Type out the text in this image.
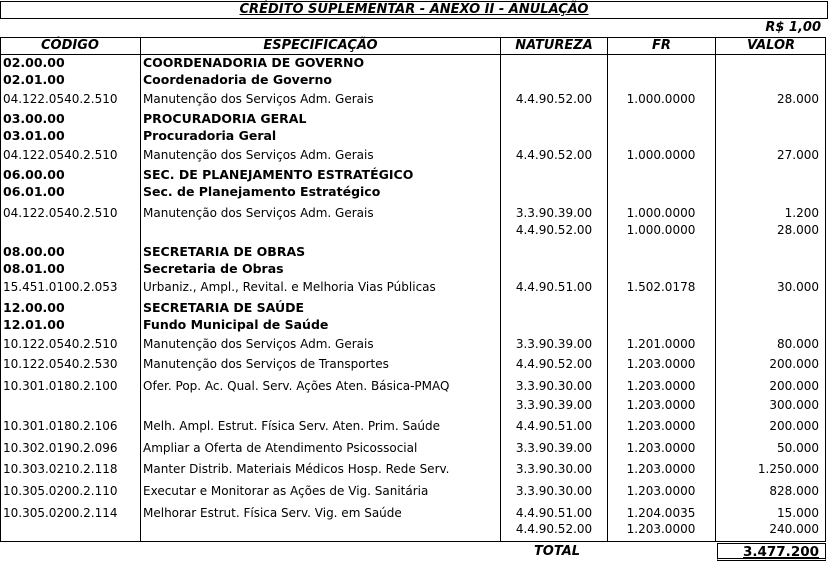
CRÉDITO SUPLEMENTAR - ANEXO II - ANULAÇÃO
R$ 1,00
CÓDIGO	ESPECIFICAÇÃO	NATUREZA	FR	VALOR
02.00.00	COORDENADORIA DE GOVERNO
02.01.00	Coordenadoria de Governo
04.122.0540.2.510	Manutenção dos Serviços Adm. Gerais	4.4.90.52.00	1.000.0000	28.000
03.00.00	PROCURADORIA GERAL
03.01.00	Procuradoria Geral
04.122.0540.2.510	Manutenção dos Serviços Adm. Gerais	4.4.90.52.00	1.000.0000	27.000
06.00.00	SEC. DE PLANEJAMENTO ESTRATÉGICO
06.01.00	Sec. de Planejamento Estratégico
04.122.0540.2.510	Manutenção dos Serviços Adm. Gerais	3.3.90.39.00	1.000.0000	1.200
4.4.90.52.00	1.000.0000	28.000
08.00.00	SECRETARIA DE OBRAS
08.01.00	Secretaria de Obras
15.451.0100.2.053	Urbaniz., Ampl., Revital. e Melhoria Vias Públicas	4.4.90.51.00	1.502.0178	30.000
12.00.00	SECRETARIA DE SAÚDE
12.01.00	Fundo Municipal de Saúde
10.122.0540.2.510	Manutenção dos Serviços Adm. Gerais	3.3.90.39.00	1.201.0000	80.000
10.122.0540.2.530	Manutenção dos Serviços de Transportes	4.4.90.52.00	1.203.0000	200.000
10.301.0180.2.100	Ofer. Pop. Ac. Qual. Serv. Ações Aten. Básica-PMAQ	3.3.90.30.00	1.203.0000	200.000
3.3.90.39.00	1.203.0000	300.000
10.301.0180.2.106	Melh. Ampl. Estrut. Física Serv. Aten. Prim. Saúde	4.4.90.51.00	1.203.0000	200.000
10.302.0190.2.096	Ampliar a Oferta de Atendimento Psicossocial	3.3.90.39.00	1.203.0000	50.000
10.303.0210.2.118	Manter Distrib. Materiais Médicos Hosp. Rede Serv.	3.3.90.30.00	1.203.0000	1.250.000
10.305.0200.2.110	Executar e Monitorar as Ações de Vig. Sanitária	3.3.90.30.00	1.203.0000	828.000
10.305.0200.2.114	Melhorar Estrut. Física Serv. Vig. em Saúde	4.4.90.51.00	1.204.0035	15.000
4.4.90.52.00	1.203.0000	240.000
TOTAL	3.477.200
